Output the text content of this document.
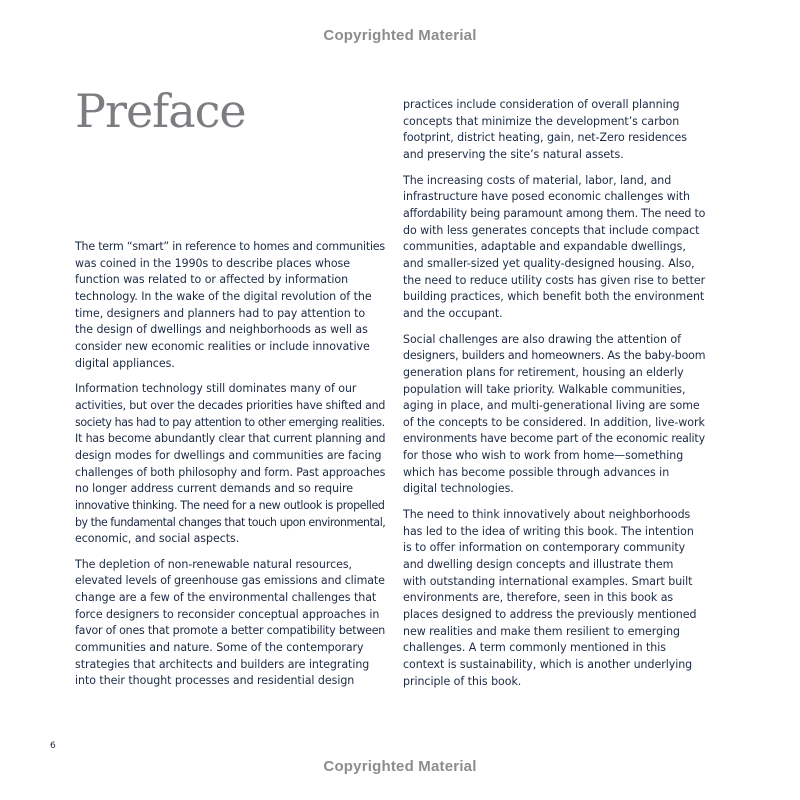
Copyrighted Material
Preface

The term “smart” in reference to homes and communities
was coined in the 1990s to describe places whose
function was related to or affected by information
technology. In the wake of the digital revolution of the
time, designers and planners had to pay attention to
the design of dwellings and neighborhoods as well as
consider new economic realities or include innovative
digital appliances.

Information technology still dominates many of our
activities, but over the decades priorities have shifted and
society has had to pay attention to other emerging realities.
It has become abundantly clear that current planning and
design modes for dwellings and communities are facing
challenges of both philosophy and form. Past approaches
no longer address current demands and so require
innovative thinking. The need for a new outlook is propelled
by the fundamental changes that touch upon environmental,
economic, and social aspects.

The depletion of non-renewable natural resources,
elevated levels of greenhouse gas emissions and climate
change are a few of the environmental challenges that
force designers to reconsider conceptual approaches in
favor of ones that promote a better compatibility between
communities and nature. Some of the contemporary
strategies that architects and builders are integrating
into their thought processes and residential design

practices include consideration of overall planning
concepts that minimize the development’s carbon
footprint, district heating, gain, net-Zero residences
and preserving the site’s natural assets.

The increasing costs of material, labor, land, and
infrastructure have posed economic challenges with
affordability being paramount among them. The need to
do with less generates concepts that include compact
communities, adaptable and expandable dwellings,
and smaller-sized yet quality-designed housing. Also,
the need to reduce utility costs has given rise to better
building practices, which benefit both the environment
and the occupant.

Social challenges are also drawing the attention of
designers, builders and homeowners. As the baby-boom
generation plans for retirement, housing an elderly
population will take priority. Walkable communities,
aging in place, and multi-generational living are some
of the concepts to be considered. In addition, live-work
environments have become part of the economic reality
for those who wish to work from home—something
which has become possible through advances in
digital technologies.

The need to think innovatively about neighborhoods
has led to the idea of writing this book. The intention
is to offer information on contemporary community
and dwelling design concepts and illustrate them
with outstanding international examples. Smart built
environments are, therefore, seen in this book as
places designed to address the previously mentioned
new realities and make them resilient to emerging
challenges. A term commonly mentioned in this
context is sustainability, which is another underlying
principle of this book.

6
Copyrighted Material
